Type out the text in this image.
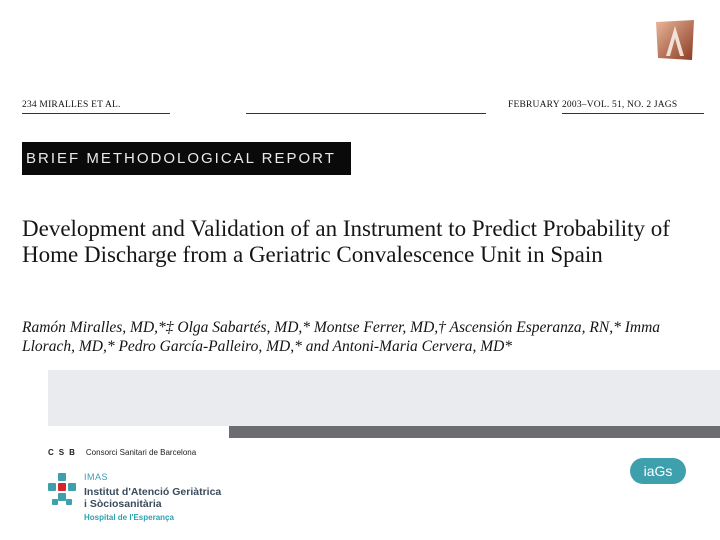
234 MIRALLES ET AL.	FEBRUARY 2003–VOL. 51, NO. 2 JAGS
BRIEF METHODOLOGICAL REPORT
Development and Validation of an Instrument to Predict Probability of Home Discharge from a Geriatric Convalescence Unit in Spain
Ramón Miralles, MD,*‡ Olga Sabartés, MD,* Montse Ferrer, MD,† Ascensión Esperanza, RN,* Imma Llorach, MD,* Pedro García-Palleiro, MD,* and Antoni-Maria Cervera, MD*
CSB Consorci Sanitari de Barcelona
IMAS
Institut d'Atenció Geriàtrica
i Sòciosanitària
Hospital de l'Esperança
iaGs
